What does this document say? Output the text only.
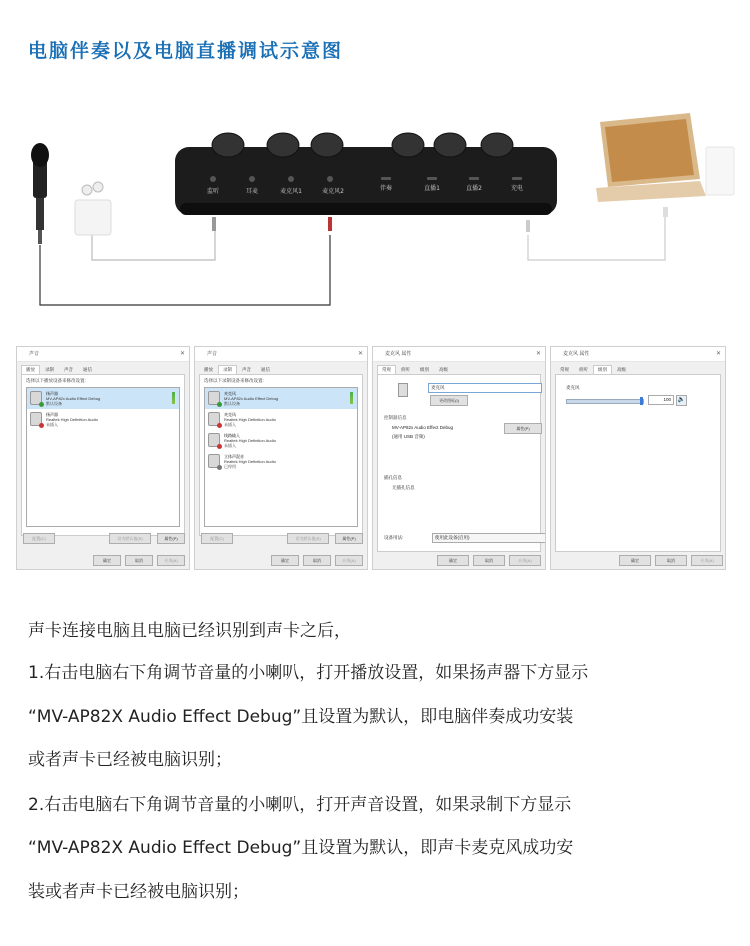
电脑伴奏以及电脑直播调试示意图
监听	耳麦	麦克风1	麦克风2	伴奏	直播1	直播2	充电
声音	✕
播放	录制	声音	通信
选择以下播放设备来修改设置:
扬声器
MV-AP82x Audio Effect Debug
默认设备
扬声器
Realtek High Definition Audio
未插入
配置(C)	设为默认值(S)	属性(P)
确定	取消	应用(A)
声音	✕
播放	录制	声音	通信
选择以下录制设备来修改设置:
麦克风
MV-AP82x Audio Effect Debug
默认设备
麦克风
Realtek High Definition Audio
未插入
线路输入
Realtek High Definition Audio
未插入
立体声混音
Realtek High Definition Audio
已停用
配置(C)	设为默认值(S)	属性(P)
确定	取消	应用(A)
麦克风 属性	✕
常规	侦听	级别	高级
麦克风
更改图标(I)
控制器信息
MV-AP82x Audio Effect Debug
(通用 USB 音频)
属性(P)
插孔信息
无插孔信息
设备用法:	使用此设备(启用)
确定	取消	应用(A)
麦克风 属性	✕
常规	侦听	级别	高级
麦克风
100	🔈
确定	取消	应用(A)
声卡连接电脑且电脑已经识别到声卡之后，
1.右击电脑右下角调节音量的小喇叭，打开播放设置，如果扬声器下方显示
“MV-AP82X Audio Effect Debug”且设置为默认，即电脑伴奏成功安装
或者声卡已经被电脑识别；
2.右击电脑右下角调节音量的小喇叭，打开声音设置，如果录制下方显示
“MV-AP82X Audio Effect Debug”且设置为默认，即声卡麦克风成功安
装或者声卡已经被电脑识别；
